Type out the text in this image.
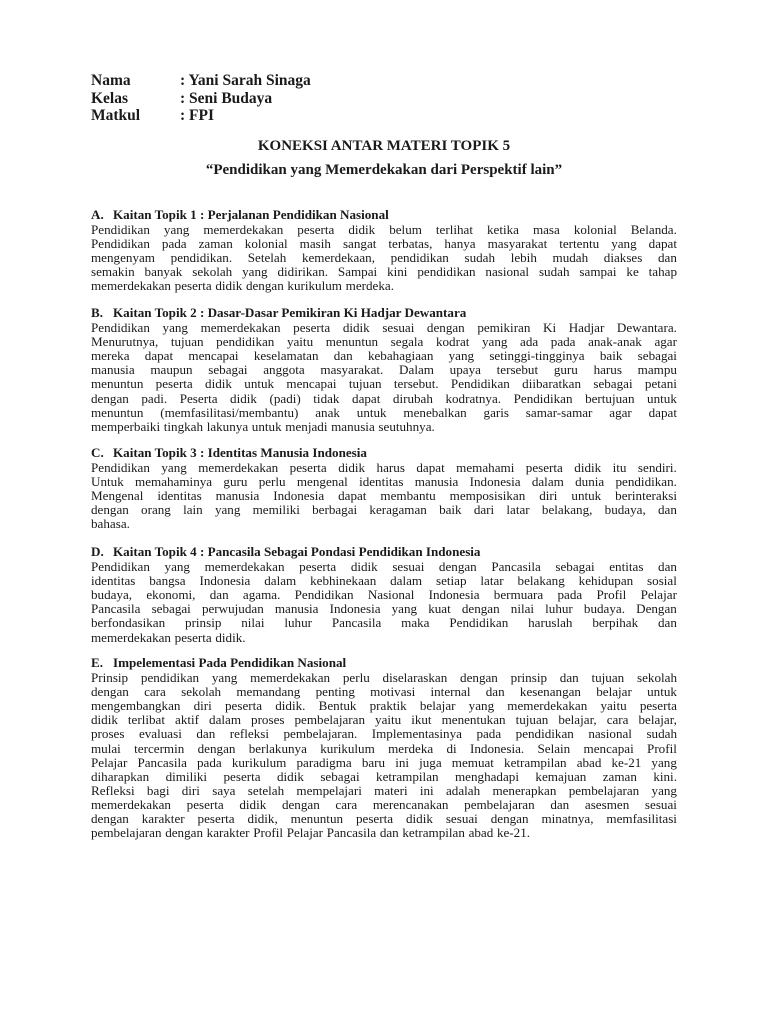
Nama	: Yani Sarah Sinaga
Kelas	: Seni Budaya
Matkul	: FPI
KONEKSI ANTAR MATERI TOPIK 5
“Pendidikan yang Memerdekakan dari Perspektif lain”
A. Kaitan Topik 1 : Perjalanan Pendidikan Nasional
Pendidikan yang memerdekakan peserta didik belum terlihat ketika masa kolonial Belanda.
Pendidikan pada zaman kolonial masih sangat terbatas, hanya masyarakat tertentu yang dapat
mengenyam pendidikan. Setelah kemerdekaan, pendidikan sudah lebih mudah diakses dan
semakin banyak sekolah yang didirikan. Sampai kini pendidikan nasional sudah sampai ke tahap
memerdekakan peserta didik dengan kurikulum merdeka.
B. Kaitan Topik 2 : Dasar-Dasar Pemikiran Ki Hadjar Dewantara
Pendidikan yang memerdekakan peserta didik sesuai dengan pemikiran Ki Hadjar Dewantara.
Menurutnya, tujuan pendidikan yaitu menuntun segala kodrat yang ada pada anak-anak agar
mereka dapat mencapai keselamatan dan kebahagiaan yang setinggi-tingginya baik sebagai
manusia maupun sebagai anggota masyarakat. Dalam upaya tersebut guru harus mampu
menuntun peserta didik untuk mencapai tujuan tersebut. Pendidikan diibaratkan sebagai petani
dengan padi. Peserta didik (padi) tidak dapat dirubah kodratnya. Pendidikan bertujuan untuk
menuntun (memfasilitasi/membantu) anak untuk menebalkan garis samar-samar agar dapat
memperbaiki tingkah lakunya untuk menjadi manusia seutuhnya.
C. Kaitan Topik 3 : Identitas Manusia Indonesia
Pendidikan yang memerdekakan peserta didik harus dapat memahami peserta didik itu sendiri.
Untuk memahaminya guru perlu mengenal identitas manusia Indonesia dalam dunia pendidikan.
Mengenal identitas manusia Indonesia dapat membantu memposisikan diri untuk berinteraksi
dengan orang lain yang memiliki berbagai keragaman baik dari latar belakang, budaya, dan
bahasa.
D. Kaitan Topik 4 : Pancasila Sebagai Pondasi Pendidikan Indonesia
Pendidikan yang memerdekakan peserta didik sesuai dengan Pancasila sebagai entitas dan
identitas bangsa Indonesia dalam kebhinekaan dalam setiap latar belakang kehidupan sosial
budaya, ekonomi, dan agama. Pendidikan Nasional Indonesia bermuara pada Profil Pelajar
Pancasila sebagai perwujudan manusia Indonesia yang kuat dengan nilai luhur budaya. Dengan
berfondasikan prinsip nilai luhur Pancasila maka Pendidikan haruslah berpihak dan
memerdekakan peserta didik.
E. Impelementasi Pada Pendidikan Nasional
Prinsip pendidikan yang memerdekakan perlu diselaraskan dengan prinsip dan tujuan sekolah
dengan cara sekolah memandang penting motivasi internal dan kesenangan belajar untuk
mengembangkan diri peserta didik. Bentuk praktik belajar yang memerdekakan yaitu peserta
didik terlibat aktif dalam proses pembelajaran yaitu ikut menentukan tujuan belajar, cara belajar,
proses evaluasi dan refleksi pembelajaran. Implementasinya pada pendidikan nasional sudah
mulai tercermin dengan berlakunya kurikulum merdeka di Indonesia. Selain mencapai Profil
Pelajar Pancasila pada kurikulum paradigma baru ini juga memuat ketrampilan abad ke-21 yang
diharapkan dimiliki peserta didik sebagai ketrampilan menghadapi kemajuan zaman kini.
Refleksi bagi diri saya setelah mempelajari materi ini adalah menerapkan pembelajaran yang
memerdekakan peserta didik dengan cara merencanakan pembelajaran dan asesmen sesuai
dengan karakter peserta didik, menuntun peserta didik sesuai dengan minatnya, memfasilitasi
pembelajaran dengan karakter Profil Pelajar Pancasila dan ketrampilan abad ke-21.
